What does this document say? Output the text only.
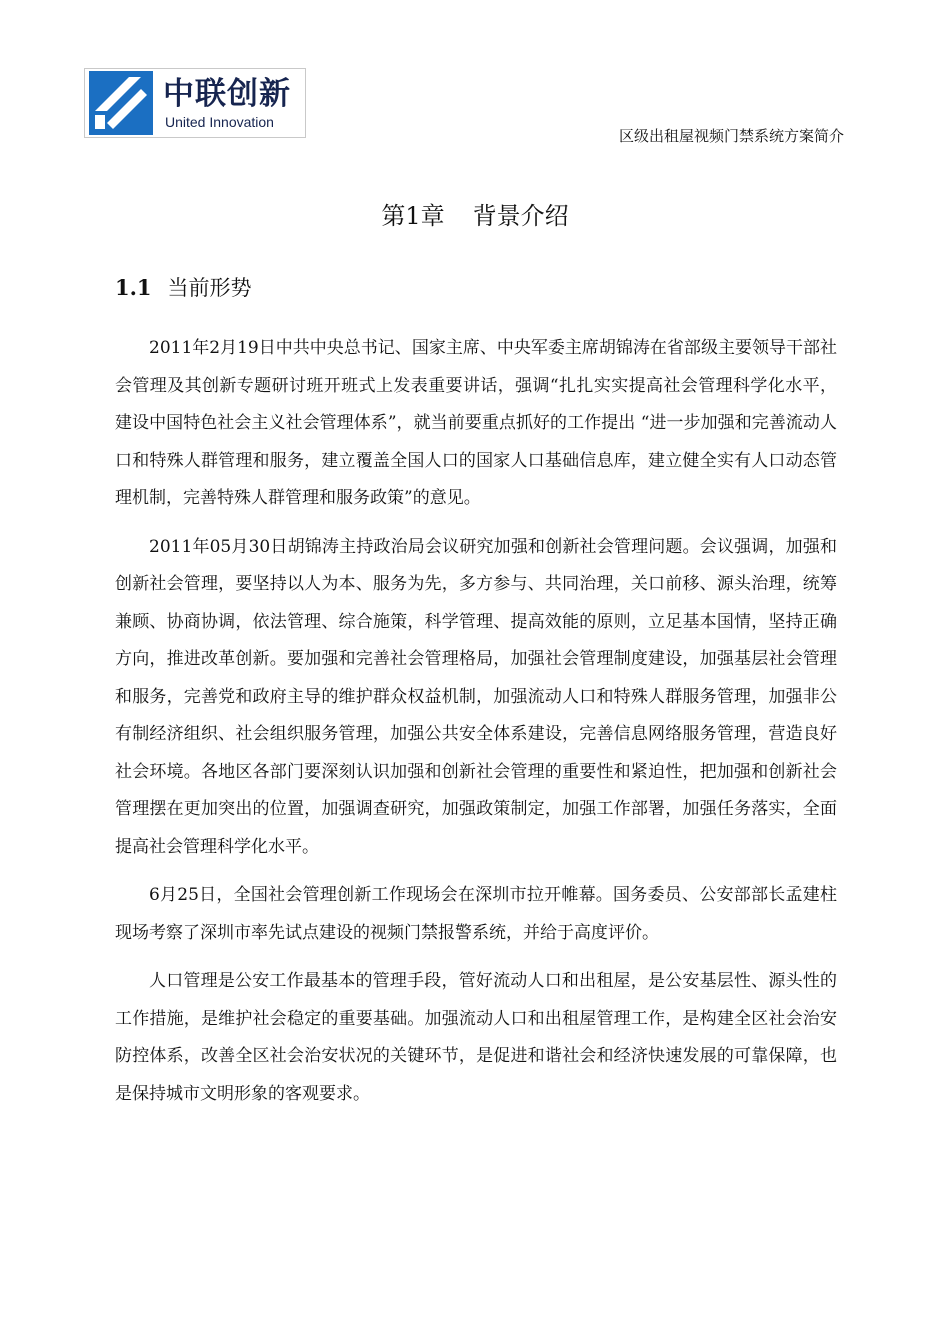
中联创新
United Innovation
区级出租屋视频门禁系统方案简介
第1章 背景介绍
1.1 当前形势

2011年2月19日中共中央总书记、国家主席、中央军委主席胡锦涛在省部级主要领导干部社会管理及其创新专题研讨班开班式上发表重要讲话，强调“扎扎实实提高社会管理科学化水平，建设中国特色社会主义社会管理体系”，就当前要重点抓好的工作提出 “进一步加强和完善流动人口和特殊人群管理和服务，建立覆盖全国人口的国家人口基础信息库，建立健全实有人口动态管理机制，完善特殊人群管理和服务政策”的意见。

2011年05月30日胡锦涛主持政治局会议研究加强和创新社会管理问题。会议强调，加强和创新社会管理，要坚持以人为本、服务为先，多方参与、共同治理，关口前移、源头治理，统筹兼顾、协商协调，依法管理、综合施策，科学管理、提高效能的原则，立足基本国情，坚持正确方向，推进改革创新。要加强和完善社会管理格局，加强社会管理制度建设，加强基层社会管理和服务，完善党和政府主导的维护群众权益机制，加强流动人口和特殊人群服务管理，加强非公有制经济组织、社会组织服务管理，加强公共安全体系建设，完善信息网络服务管理，营造良好社会环境。各地区各部门要深刻认识加强和创新社会管理的重要性和紧迫性，把加强和创新社会管理摆在更加突出的位置，加强调查研究，加强政策制定，加强工作部署，加强任务落实，全面提高社会管理科学化水平。

6月25日，全国社会管理创新工作现场会在深圳市拉开帷幕。国务委员、公安部部长孟建柱现场考察了深圳市率先试点建设的视频门禁报警系统，并给于高度评价。

人口管理是公安工作最基本的管理手段，管好流动人口和出租屋，是公安基层性、源头性的工作措施，是维护社会稳定的重要基础。加强流动人口和出租屋管理工作，是构建全区社会治安防控体系，改善全区社会治安状况的关键环节，是促进和谐社会和经济快速发展的可靠保障，也是保持城市文明形象的客观要求。
